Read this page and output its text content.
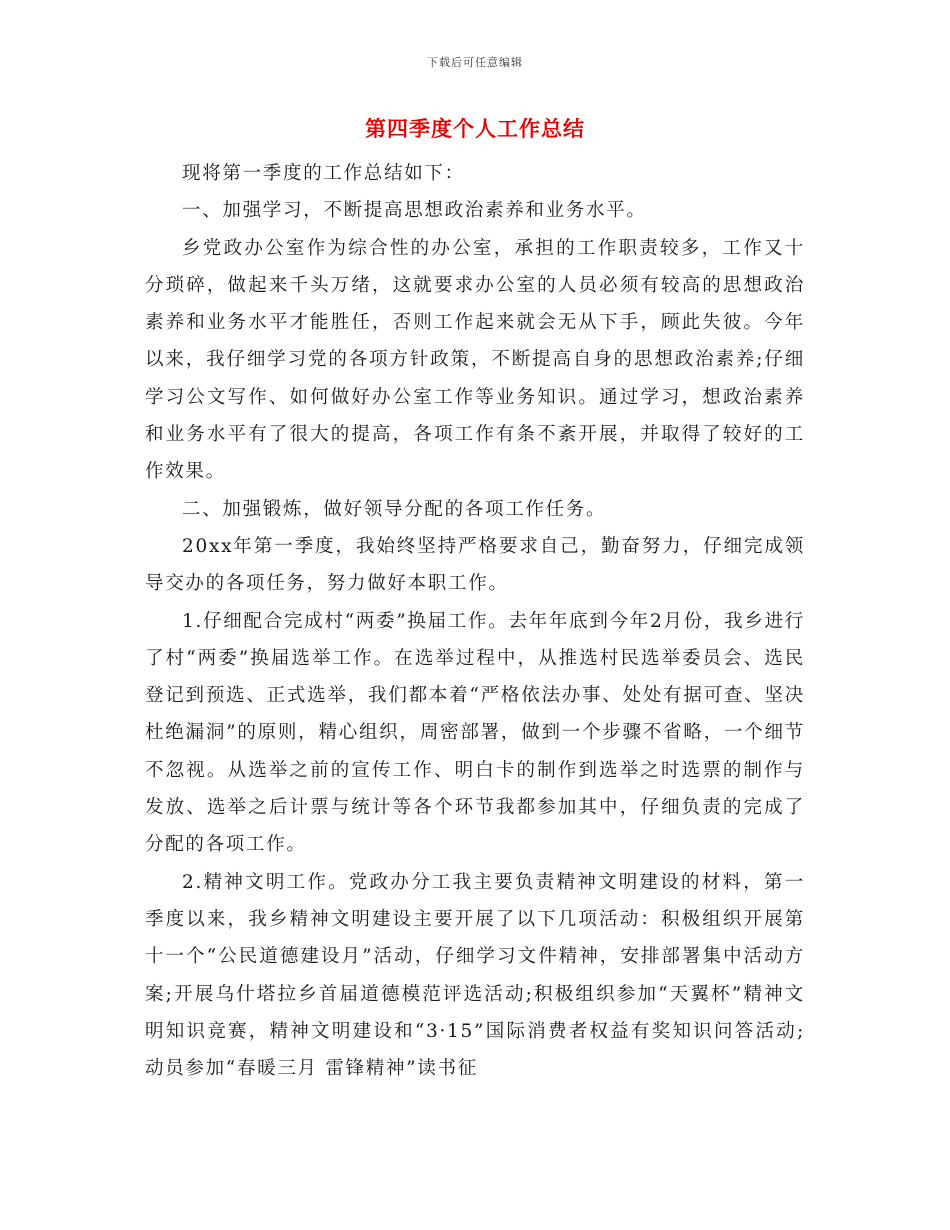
下载后可任意编辑
第四季度个人工作总结

现将第一季度的工作总结如下：

一、加强学习，不断提高思想政治素养和业务水平。

乡党政办公室作为综合性的办公室，承担的工作职责较多，工作又十分琐碎，做起来千头万绪，这就要求办公室的人员必须有较高的思想政治素养和业务水平才能胜任，否则工作起来就会无从下手，顾此失彼。今年以来，我仔细学习党的各项方针政策，不断提高自身的思想政治素养;仔细学习公文写作、如何做好办公室工作等业务知识。通过学习，想政治素养和业务水平有了很大的提高，各项工作有条不紊开展，并取得了较好的工作效果。

二、加强锻炼，做好领导分配的各项工作任务。

20xx年第一季度，我始终坚持严格要求自己，勤奋努力，仔细完成领导交办的各项任务，努力做好本职工作。

1.仔细配合完成村“两委”换届工作。去年年底到今年2月份，我乡进行了村“两委”换届选举工作。在选举过程中，从推选村民选举委员会、选民登记到预选、正式选举，我们都本着“严格依法办事、处处有据可查、坚决杜绝漏洞”的原则，精心组织，周密部署，做到一个步骤不省略，一个细节不忽视。从选举之前的宣传工作、明白卡的制作到选举之时选票的制作与发放、选举之后计票与统计等各个环节我都参加其中，仔细负责的完成了分配的各项工作。

2.精神文明工作。党政办分工我主要负责精神文明建设的材料，第一季度以来，我乡精神文明建设主要开展了以下几项活动：积极组织开展第十一个“公民道德建设月”活动，仔细学习文件精神，安排部署集中活动方案;开展乌什塔拉乡首届道德模范评选活动;积极组织参加“天翼杯”精神文明知识竞赛，精神文明建设和“3·15”国际消费者权益有奖知识问答活动;动员参加“春暖三月 雷锋精神”读书征
